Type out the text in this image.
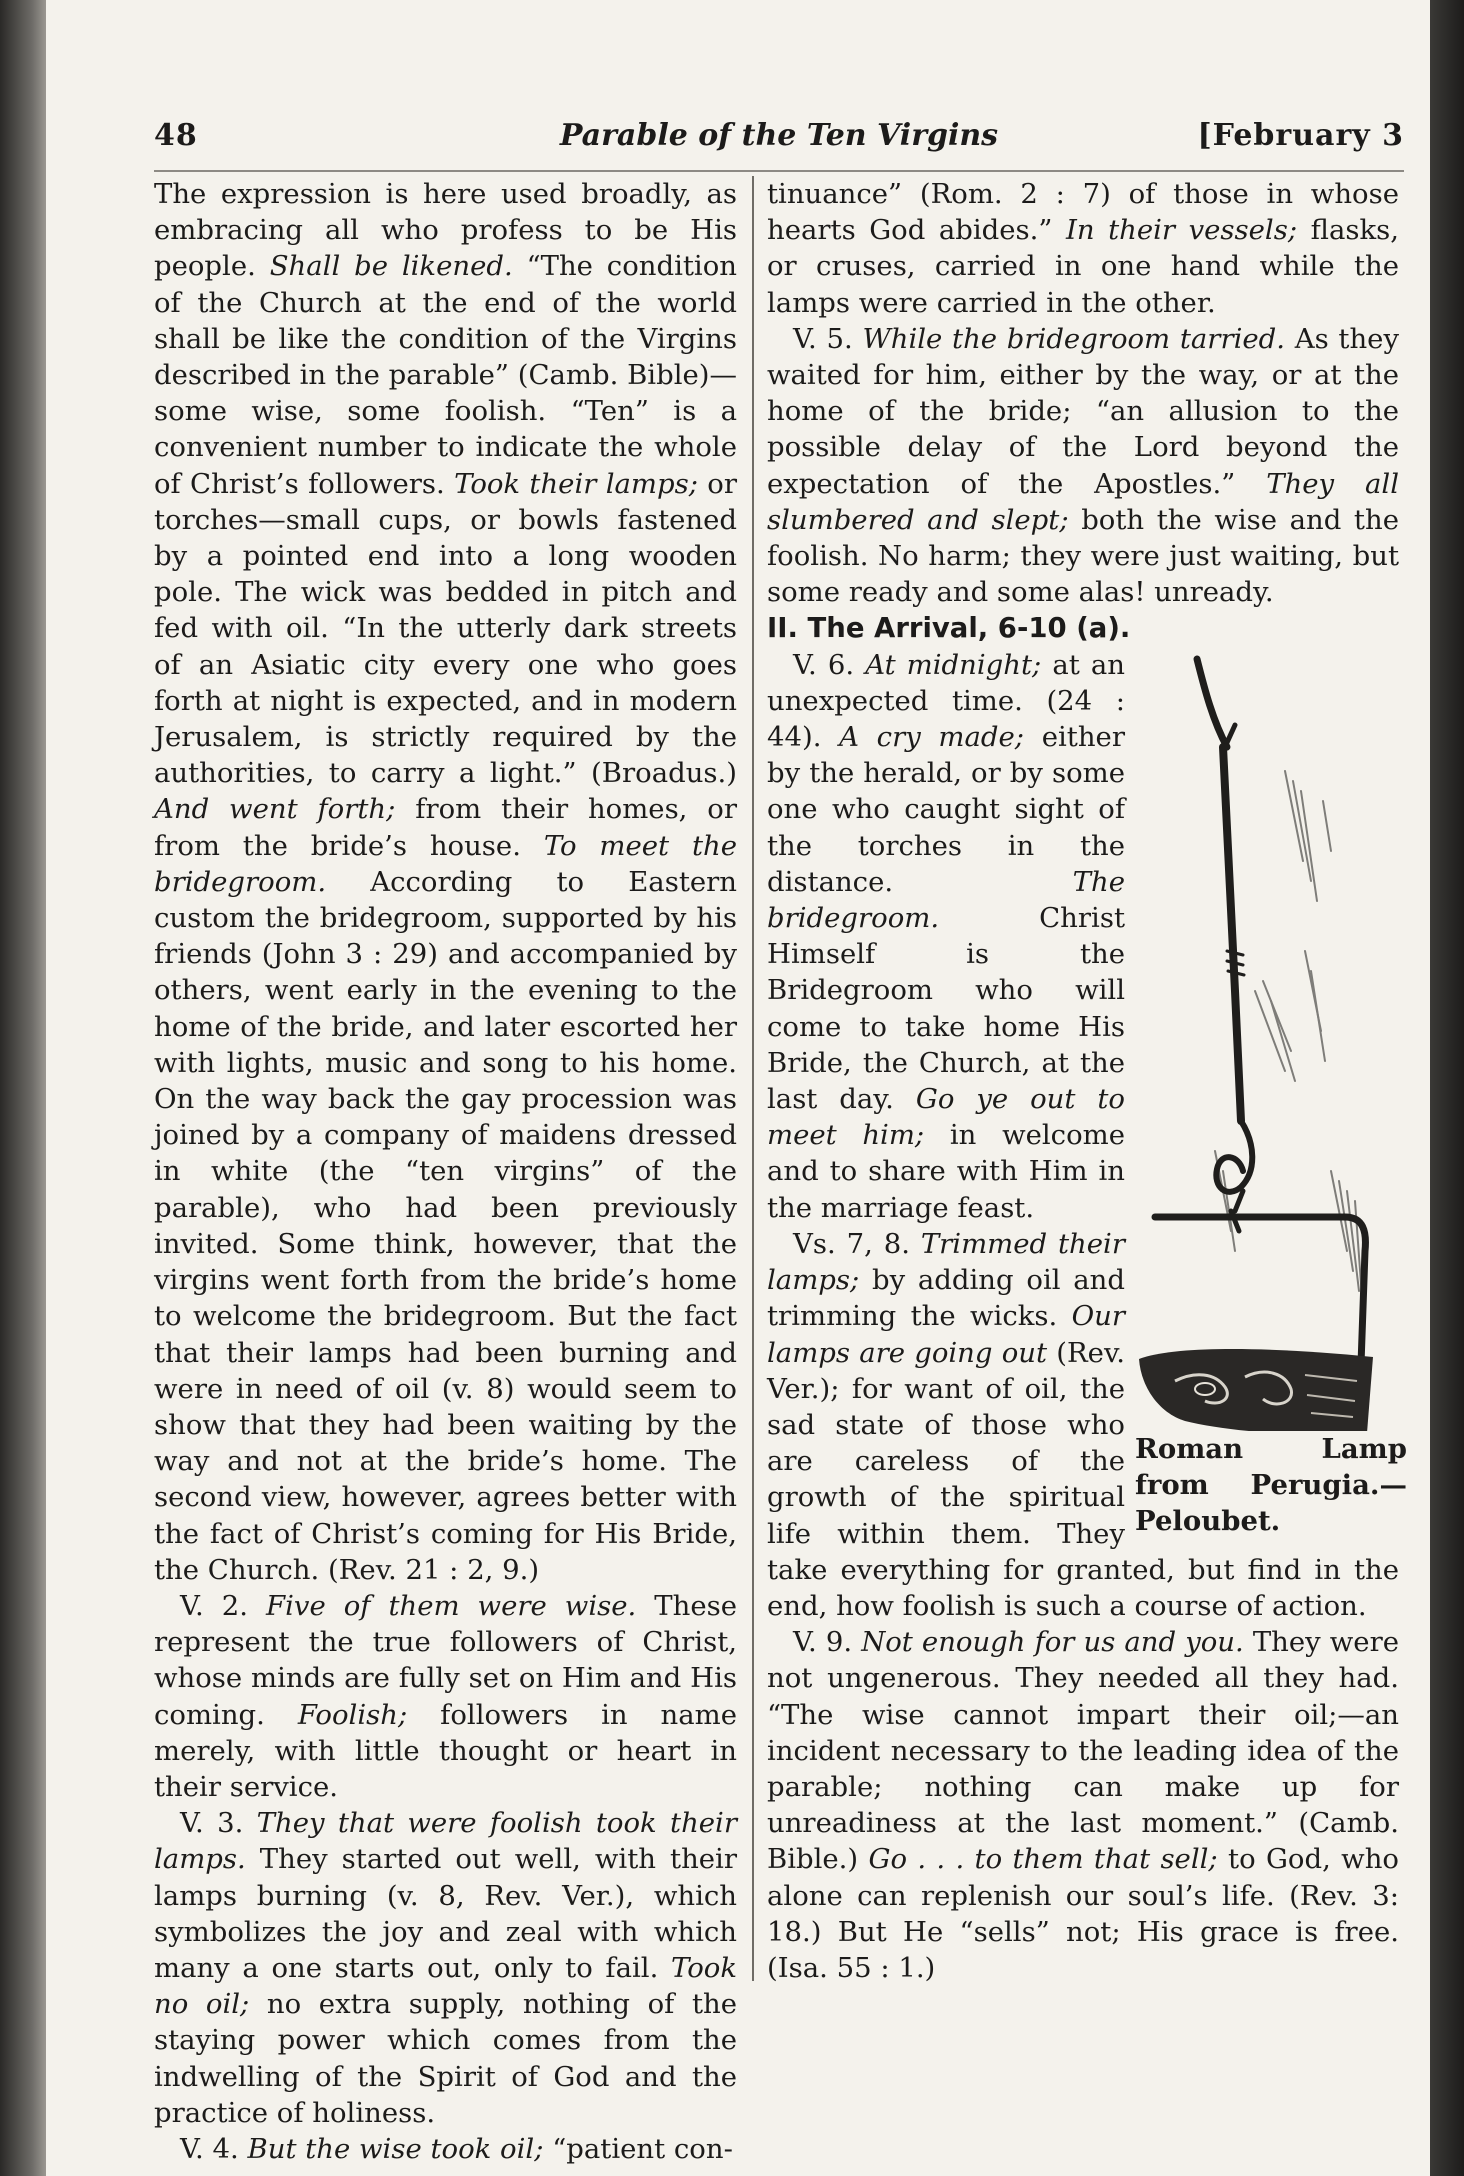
48	Parable of the Ten Virgins	[February 3

The expression is here used broadly, as embracing all who profess to be His people. Shall be likened. “The condition of the Church at the end of the world shall be like the condition of the Virgins described in the parable” (Camb. Bible)—some wise, some foolish. “Ten” is a convenient number to indicate the whole of Christ’s followers. Took their lamps; or torches—small cups, or bowls fastened by a pointed end into a long wooden pole. The wick was bedded in pitch and fed with oil. “In the utterly dark streets of an Asiatic city every one who goes forth at night is expected, and in modern Jerusalem, is strictly required by the authorities, to carry a light.” (Broadus.) And went forth; from their homes, or from the bride’s house. To meet the bridegroom. According to Eastern custom the bridegroom, supported by his friends (John 3 : 29) and accompanied by others, went early in the evening to the home of the bride, and later escorted her with lights, music and song to his home. On the way back the gay procession was joined by a company of maidens dressed in white (the “ten virgins” of the parable), who had been previously invited. Some think, however, that the virgins went forth from the bride’s home to welcome the bridegroom. But the fact that their lamps had been burning and were in need of oil (v. 8) would seem to show that they had been waiting by the way and not at the bride’s home. The second view, however, agrees better with the fact of Christ’s coming for His Bride, the Church. (Rev. 21 : 2, 9.)

V. 2. Five of them were wise. These represent the true followers of Christ, whose minds are fully set on Him and His coming. Foolish; followers in name merely, with little thought or heart in their service.

V. 3. They that were foolish took their lamps. They started out well, with their lamps burning (v. 8, Rev. Ver.), which symbolizes the joy and zeal with which many a one starts out, only to fail. Took no oil; no extra supply, nothing of the staying power which comes from the indwelling of the Spirit of God and the practice of holiness.

V. 4. But the wise took oil; “patient con-

tinuance” (Rom. 2 : 7) of those in whose hearts God abides.” In their vessels; flasks, or cruses, carried in one hand while the lamps were carried in the other.

V. 5. While the bridegroom tarried. As they waited for him, either by the way, or at the home of the bride; “an allusion to the possible delay of the Lord beyond the expectation of the Apostles.” They all slumbered and slept; both the wise and the foolish. No harm; they were just waiting, but some ready and some alas! unready.

II. The Arrival, 6-10 (a).

Roman Lamp from Perugia.—Peloubet.

V. 6. At midnight; at an unexpected time. (24 : 44). A cry made; either by the herald, or by some one who caught sight of the torches in the distance.	The bridegroom.	Christ Himself is the Bridegroom who will come to take home His Bride, the Church, at the last day. Go ye out to meet him; in welcome and to share with Him in the marriage feast.

Vs. 7, 8. Trimmed their lamps; by adding oil and trimming the wicks. Our lamps are going out (Rev. Ver.); for want of oil, the sad state of those who are careless of the growth of the spiritual life within them. They take everything for granted, but find in the end, how foolish is such a course of action.

V. 9. Not enough for us and you. They were not ungenerous. They needed all they had. “The wise cannot impart their oil;—an incident necessary to the leading idea of the parable; nothing can make up for unreadiness at the last moment.” (Camb. Bible.) Go . . . to them that sell; to God, who alone can replenish our soul’s life. (Rev. 3: 18.) But He “sells” not; His grace is free. (Isa. 55 : 1.)
